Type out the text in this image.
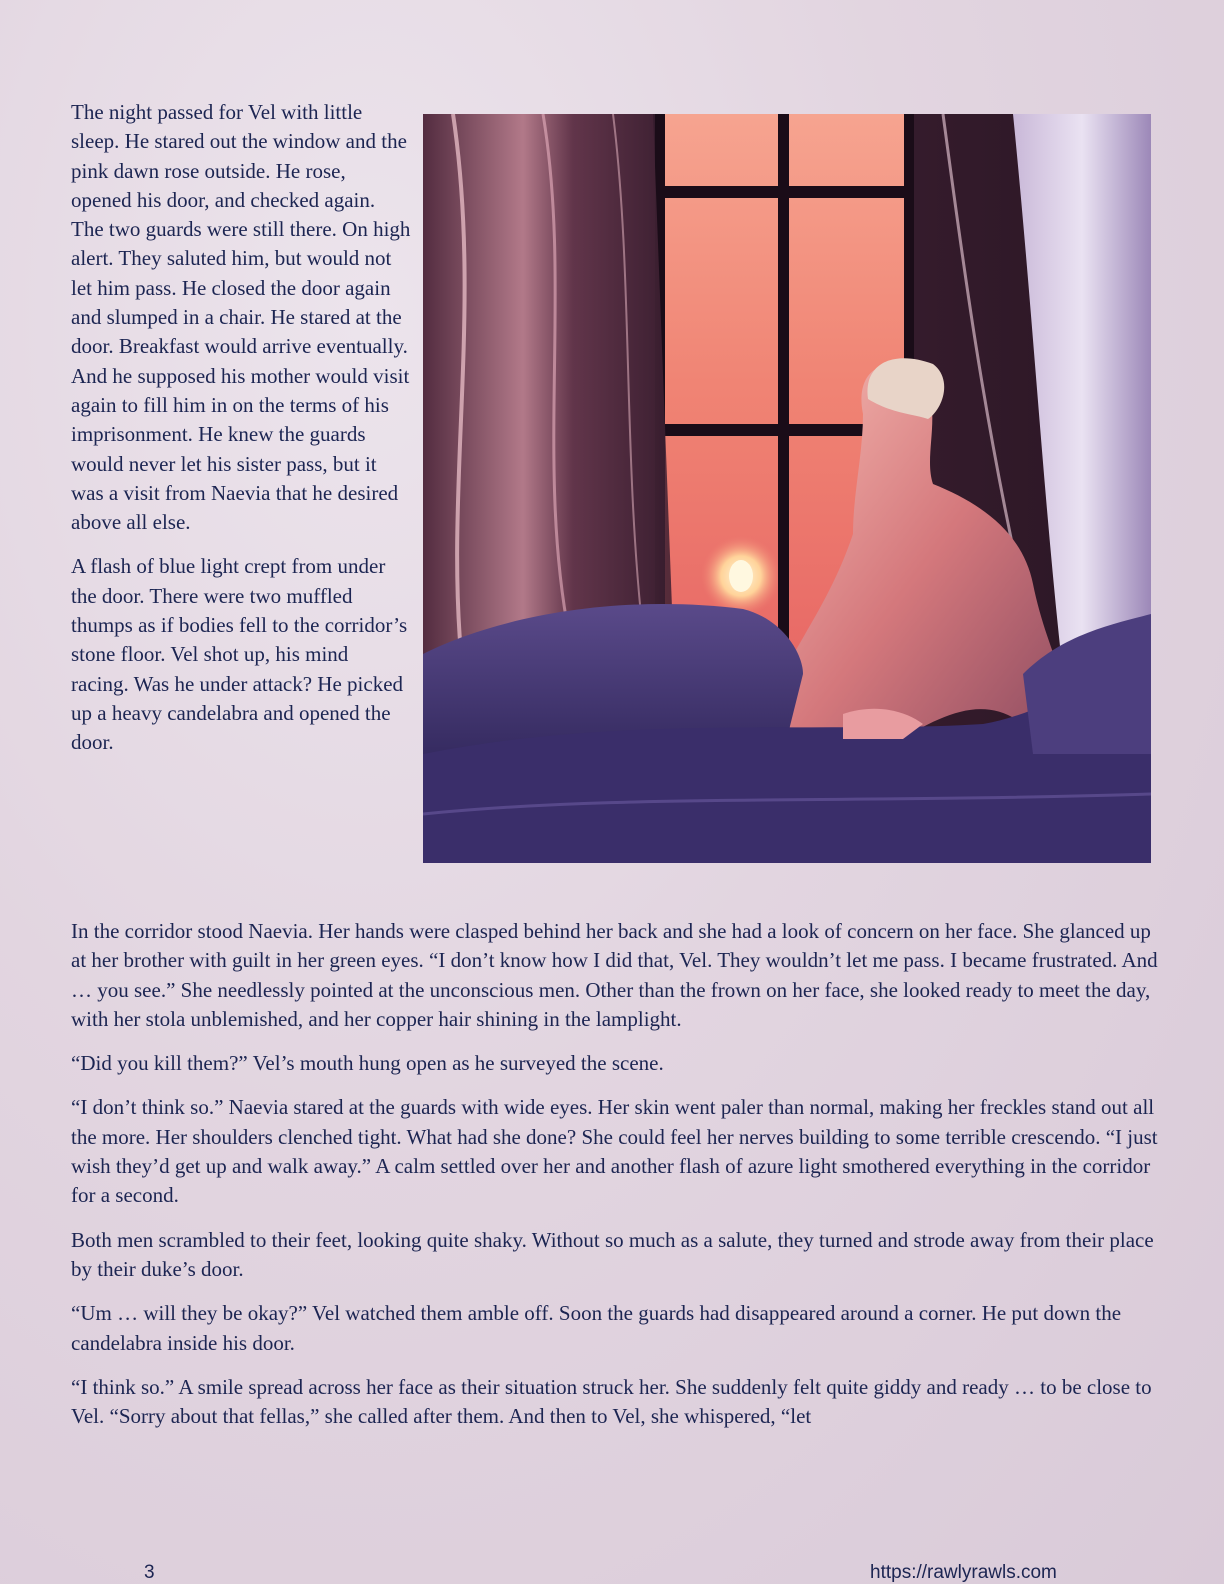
The night passed for Vel with little sleep. He stared out the window and the pink dawn rose outside. He rose, opened his door, and checked again. The two guards were still there. On high alert. They saluted him, but would not let him pass. He closed the door again and slumped in a chair. He stared at the door. Breakfast would arrive eventually. And he supposed his mother would visit again to fill him in on the terms of his imprisonment. He knew the guards would never let his sister pass, but it was a visit from Naevia that he desired above all else.

A flash of blue light crept from under the door. There were two muffled thumps as if bodies fell to the corridor’s stone floor. Vel shot up, his mind racing. Was he under attack? He picked up a heavy candelabra and opened the door.

In the corridor stood Naevia. Her hands were clasped behind her back and she had a look of concern on her face. She glanced up at her brother with guilt in her green eyes. “I don’t know how I did that, Vel. They wouldn’t let me pass. I became frustrated. And … you see.” She needlessly pointed at the unconscious men. Other than the frown on her face, she looked ready to meet the day, with her stola unblemished, and her copper hair shining in the lamplight.

“Did you kill them?” Vel’s mouth hung open as he surveyed the scene.

“I don’t think so.” Naevia stared at the guards with wide eyes. Her skin went paler than normal, making her freckles stand out all the more. Her shoulders clenched tight. What had she done? She could feel her nerves building to some terrible crescendo. “I just wish they’d get up and walk away.” A calm settled over her and another flash of azure light smothered everything in the corridor for a second.

Both men scrambled to their feet, looking quite shaky. Without so much as a salute, they turned and strode away from their place by their duke’s door.

“Um … will they be okay?” Vel watched them amble off. Soon the guards had disappeared around a corner. He put down the candelabra inside his door.

“I think so.” A smile spread across her face as their situation struck her. She suddenly felt quite giddy and ready … to be close to Vel. “Sorry about that fellas,” she called after them. And then to Vel, she whispered, “let

3	https://rawlyrawls.com
